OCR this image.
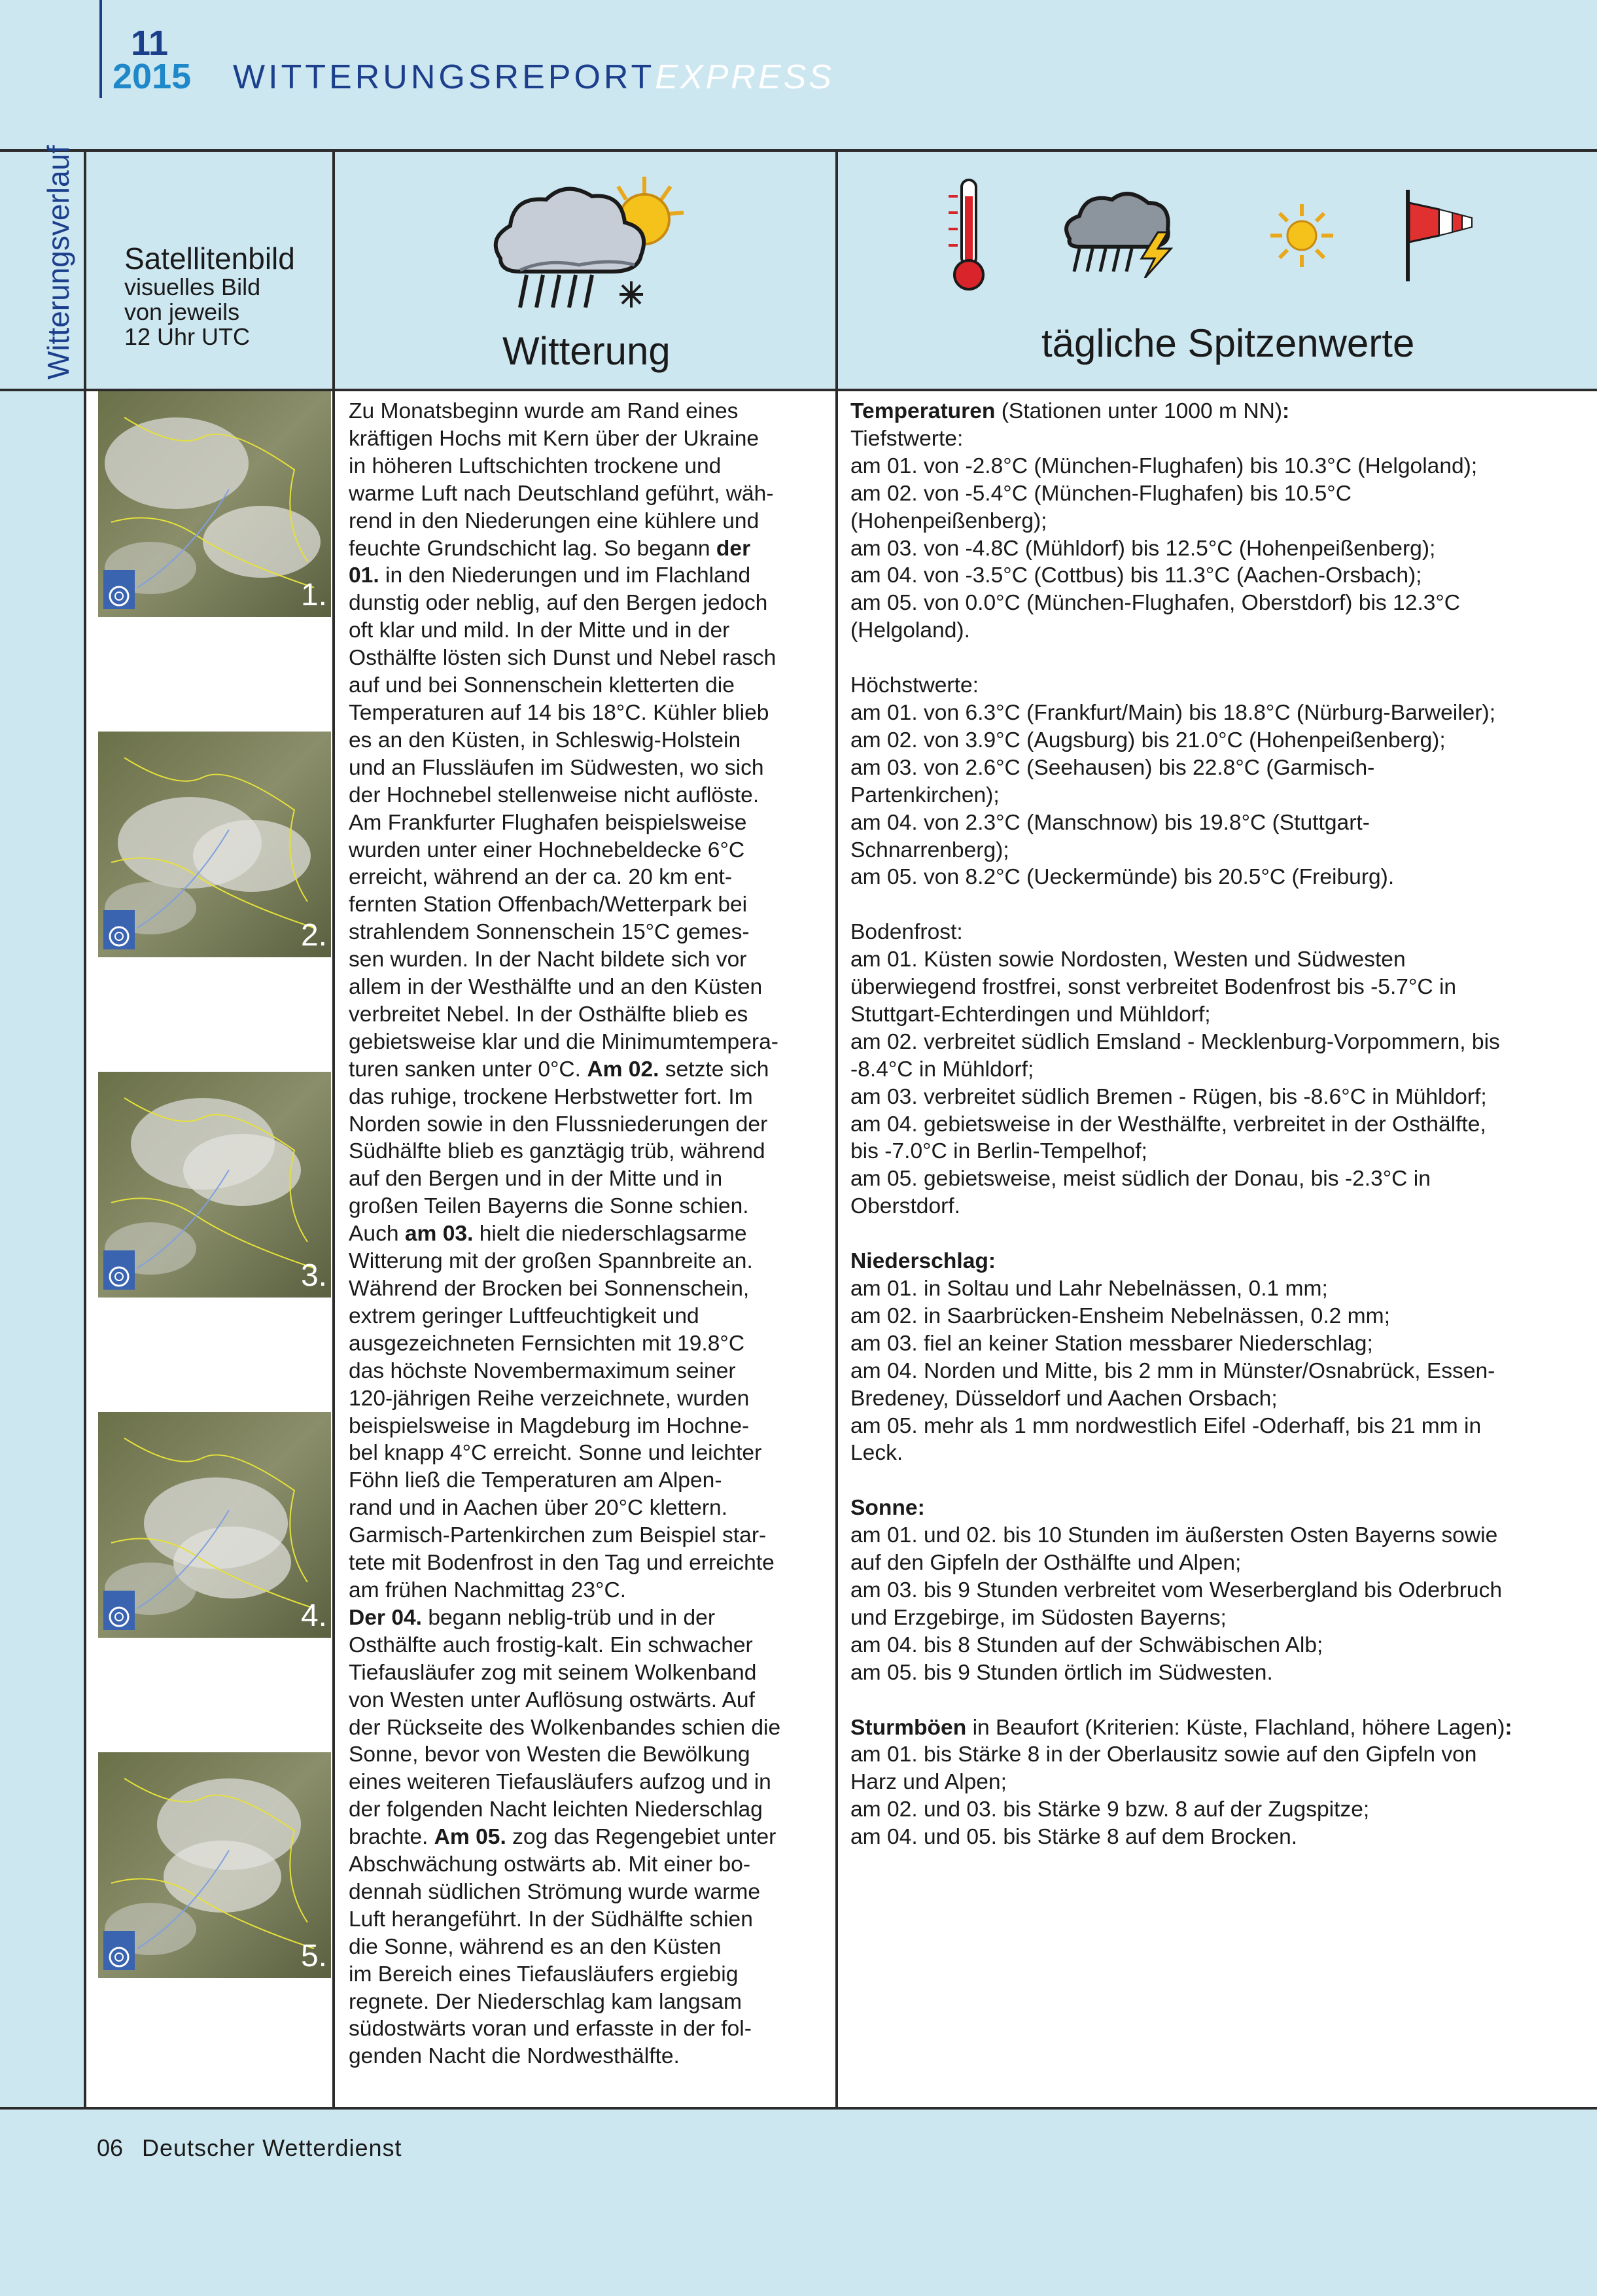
11
2015 WITTERUNGSREPORTEXPRESS
Witterungsverlauf Satellitenbild
visuelles Bild
von jeweils
12 Uhr UTC	Witterung	tägliche Spitzenwerte
1.
2.
3.
4.
5.

Zu Monatsbeginn wurde am Rand eines

kräftigen Hochs mit Kern über der Ukraine

in höheren Luftschichten trockene und

warme Luft nach Deutschland geführt, wäh-

rend in den Niederungen eine kühlere und

feuchte Grundschicht lag. So begann der

01. in den Niederungen und im Flachland

dunstig oder neblig, auf den Bergen jedoch

oft klar und mild. In der Mitte und in der

Osthälfte lösten sich Dunst und Nebel rasch

auf und bei Sonnenschein kletterten die

Temperaturen auf 14 bis 18°C. Kühler blieb

es an den Küsten, in Schleswig-Holstein

und an Flussläufen im Südwesten, wo sich

der Hochnebel stellenweise nicht auflöste.

Am Frankfurter Flughafen beispielsweise

wurden unter einer Hochnebeldecke 6°C

erreicht, während an der ca. 20 km ent-

fernten Station Offenbach/Wetterpark bei

strahlendem Sonnenschein 15°C gemes-

sen wurden. In der Nacht bildete sich vor

allem in der Westhälfte und an den Küsten

verbreitet Nebel. In der Osthälfte blieb es

gebietsweise klar und die Minimumtempera-

turen sanken unter 0°C. Am 02. setzte sich

das ruhige, trockene Herbstwetter fort. Im

Norden sowie in den Flussniederungen der

Südhälfte blieb es ganztägig trüb, während

auf den Bergen und in der Mitte und in

großen Teilen Bayerns die Sonne schien.

Auch am 03. hielt die niederschlagsarme

Witterung mit der großen Spannbreite an.

Während der Brocken bei Sonnenschein,

extrem geringer Luftfeuchtigkeit und

ausgezeichneten Fernsichten mit 19.8°C

das höchste Novembermaximum seiner

120-jährigen Reihe verzeichnete, wurden

beispielsweise in Magdeburg im Hochne-

bel knapp 4°C erreicht. Sonne und leichter

Föhn ließ die Temperaturen am Alpen-

rand und in Aachen über 20°C klettern.

Garmisch-Partenkirchen zum Beispiel star-

tete mit Bodenfrost in den Tag und erreichte

am frühen Nachmittag 23°C.

Der 04. begann neblig-trüb und in der

Osthälfte auch frostig-kalt. Ein schwacher

Tiefausläufer zog mit seinem Wolkenband

von Westen unter Auflösung ostwärts. Auf

der Rückseite des Wolkenbandes schien die

Sonne, bevor von Westen die Bewölkung

eines weiteren Tiefausläufers aufzog und in

der folgenden Nacht leichten Niederschlag

brachte. Am 05. zog das Regengebiet unter

Abschwächung ostwärts ab. Mit einer bo-

dennah südlichen Strömung wurde warme

Luft herangeführt. In der Südhälfte schien

die Sonne, während es an den Küsten

im Bereich eines Tiefausläufers ergiebig

regnete. Der Niederschlag kam langsam

südostwärts voran und erfasste in der fol-

genden Nacht die Nordwesthälfte.

Temperaturen (Stationen unter 1000 m NN):

Tiefstwerte:

am 01. von -2.8°C (München-Flughafen) bis 10.3°C (Helgoland);

am 02. von -5.4°C (München-Flughafen) bis 10.5°C

(Hohenpeißenberg);

am 03. von -4.8C (Mühldorf) bis 12.5°C (Hohenpeißenberg);

am 04. von -3.5°C (Cottbus) bis 11.3°C (Aachen-Orsbach);

am 05. von 0.0°C (München-Flughafen, Oberstdorf) bis 12.3°C

(Helgoland).

Höchstwerte:

am 01. von 6.3°C (Frankfurt/Main) bis 18.8°C (Nürburg-Barweiler);

am 02. von 3.9°C (Augsburg) bis 21.0°C (Hohenpeißenberg);

am 03. von 2.6°C (Seehausen) bis 22.8°C (Garmisch-

Partenkirchen);

am 04. von 2.3°C (Manschnow) bis 19.8°C (Stuttgart-

Schnarrenberg);

am 05. von 8.2°C (Ueckermünde) bis 20.5°C (Freiburg).

Bodenfrost:

am 01. Küsten sowie Nordosten, Westen und Südwesten

überwiegend frostfrei, sonst verbreitet Bodenfrost bis -5.7°C in

Stuttgart-Echterdingen und Mühldorf;

am 02. verbreitet südlich Emsland - Mecklenburg-Vorpommern, bis

-8.4°C in Mühldorf;

am 03. verbreitet südlich Bremen - Rügen, bis -8.6°C in Mühldorf;

am 04. gebietsweise in der Westhälfte, verbreitet in der Osthälfte,

bis -7.0°C in Berlin-Tempelhof;

am 05. gebietsweise, meist südlich der Donau, bis -2.3°C in

Oberstdorf.

Niederschlag:

am 01. in Soltau und Lahr Nebelnässen, 0.1 mm;

am 02. in Saarbrücken-Ensheim Nebelnässen, 0.2 mm;

am 03. fiel an keiner Station messbarer Niederschlag;

am 04. Norden und Mitte, bis 2 mm in Münster/Osnabrück, Essen-

Bredeney, Düsseldorf und Aachen Orsbach;

am 05. mehr als 1 mm nordwestlich Eifel -Oderhaff, bis 21 mm in

Leck.

Sonne:

am 01. und 02. bis 10 Stunden im äußersten Osten Bayerns sowie

auf den Gipfeln der Osthälfte und Alpen;

am 03. bis 9 Stunden verbreitet vom Weserbergland bis Oderbruch

und Erzgebirge, im Südosten Bayerns;

am 04. bis 8 Stunden auf der Schwäbischen Alb;

am 05. bis 9 Stunden örtlich im Südwesten.

Sturmböen in Beaufort (Kriterien: Küste, Flachland, höhere Lagen):

am 01. bis Stärke 8 in der Oberlausitz sowie auf den Gipfeln von

Harz und Alpen;

am 02. und 03. bis Stärke 9 bzw. 8 auf der Zugspitze;

am 04. und 05. bis Stärke 8 auf dem Brocken.

06 Deutscher Wetterdienst
